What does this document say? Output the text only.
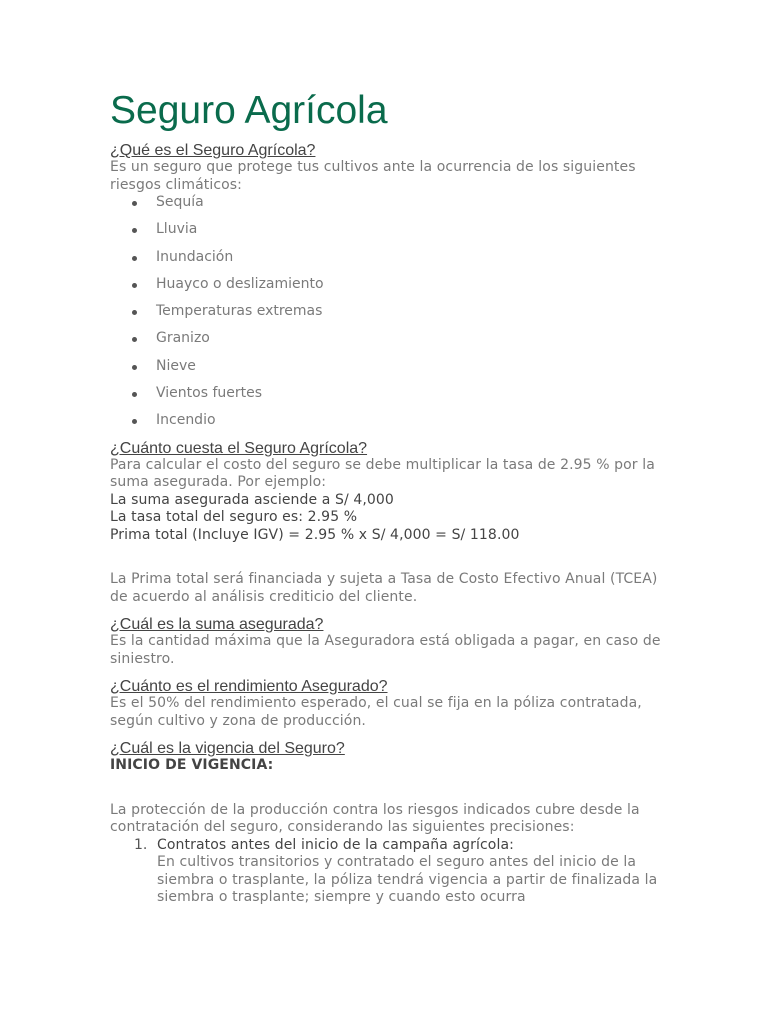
Seguro Agrícola

¿Qué es el Seguro Agrícola?

Es un seguro que protege tus cultivos ante la ocurrencia de los siguientes riesgos climáticos:

Sequía
Lluvia
Inundación
Huayco o deslizamiento
Temperaturas extremas
Granizo
Nieve
Vientos fuertes
Incendio

¿Cuánto cuesta el Seguro Agrícola?

Para calcular el costo del seguro se debe multiplicar la tasa de 2.95 % por la suma asegurada. Por ejemplo:

La suma asegurada asciende a S/ 4,000

La tasa total del seguro es: 2.95 %

Prima total (Incluye IGV) = 2.95 % x S/ 4,000 = S/ 118.00

La Prima total será financiada y sujeta a Tasa de Costo Efectivo Anual (TCEA) de acuerdo al análisis crediticio del cliente.

¿Cuál es la suma asegurada?

Es la cantidad máxima que la Aseguradora está obligada a pagar, en caso de siniestro.

¿Cuánto es el rendimiento Asegurado?

Es el 50% del rendimiento esperado, el cual se fija en la póliza contratada, según cultivo y zona de producción.

¿Cuál es la vigencia del Seguro?

INICIO DE VIGENCIA:

La protección de la producción contra los riesgos indicados cubre desde la contratación del seguro, considerando las siguientes precisiones:

1. Contratos antes del inicio de la campaña agrícola:

En cultivos transitorios y contratado el seguro antes del inicio de la siembra o trasplante, la póliza tendrá vigencia a partir de finalizada la siembra o trasplante; siempre y cuando esto ocurra
